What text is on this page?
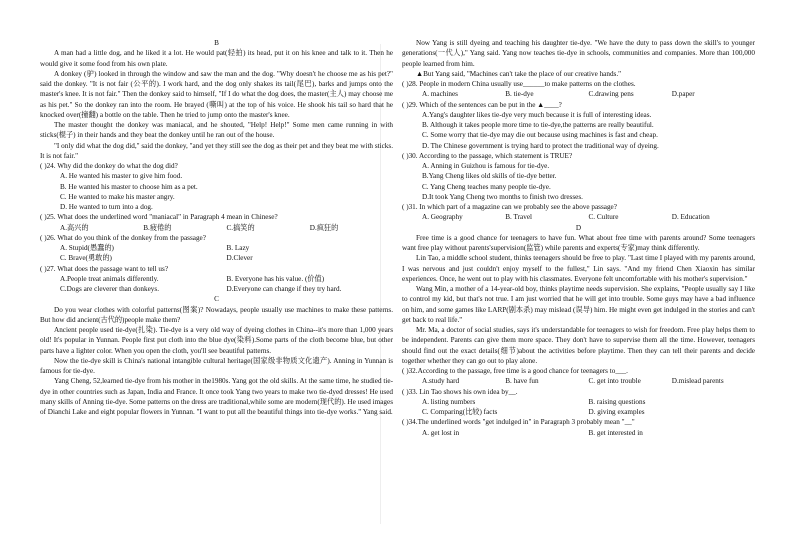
B

A man had a little dog, and he liked it a lot. He would pat(轻拍) its head, put it on his knee and talk to it. Then he would give it some food from his own plate.

A donkey (驴) looked in through the window and saw the man and the dog. "Why doesn't he choose me as his pet?" said the donkey. "It is not fair (公平的). I work hard, and the dog only shakes its tail(尾巴), barks and jumps onto the master's knee. It is not fair." Then the donkey said to himself, "If I do what the dog does, the master(主人) may choose me as his pet." So the donkey ran into the room. He brayed (嘶叫) at the top of his voice. He shook his tail so hard that he knocked over(撞翻) a bottle on the table. Then he tried to jump onto the master's knee.

The master thought the donkey was maniacal, and he shouted, "Help! Help!" Some men came running in with sticks(棍子) in their hands and they beat the donkey until he ran out of the house.

"I only did what the dog did," said the donkey, "and yet they still see the dog as their pet and they beat me with sticks. It is not fair."

( )24. Why did the donkey do what the dog did?
A. He wanted his master to give him food.
B. He wanted his master to choose him as a pet.
C. He wanted to make his master angry.
D. He wanted to turn into a dog.
( )25. What does the underlined word "maniacal" in Paragraph 4 mean in Chinese?
A.高兴的	B.疲倦的	C.搞笑的	D.疯狂的
( )26. What do you think of the donkey from the passage?
A. Stupid(愚蠢的)	B. Lazy
C. Brave(勇敢的)	D.Clever
( )27. What does the passage want to tell us?
A.People treat animals differently.	B. Everyone has his value. (价值)
C.Dogs are cleverer than donkeys.	D.Everyone can change if they try hard.
C

Do you wear clothes with colorful patterns(图案)? Nowadays, people usually use machines to make these patterns. But how did ancient(古代的)people make them?

Ancient people used tie-dye(扎染). Tie-dye is a very old way of dyeing clothes in China--it's more than 1,000 years old! It's popular in Yunnan. People first put cloth into the blue dye(染料).Some parts of the cloth become blue, but other parts have a lighter color. When you open the cloth, you'll see beautiful patterns.

Now the tie-dye skill is China's national intangible cultural heritage(国家级非物质文化遗产). Anning in Yunnan is famous for tie-dye.

Yang Cheng, 52,learned tie-dye from his mother in the1980s. Yang got the old skills. At the same time, he studied tie-dye in other countries such as Japan, India and France. It once took Yang two years to make two tie-dyed dresses! He used many skills of Anning tie-dye. Some patterns on the dress are traditional,while some are modern(现代的). He used images of Dianchi Lake and eight popular flowers in Yunnan. "I want to put all the beautiful things into tie-dye works." Yang said.

Now Yang is still dyeing and teaching his daughter tie-dye. "We have the duty to pass down the skill's to younger generations(一代人)," Yang said. Yang now teaches tie-dye in schools, communities and companies. More than 100,000 people learned from him.

▲But Yang said, "Machines can't take the place of our creative hands."

( )28. People in modern China usually use______to make patterns on the clothes.
A. machines	B. tie-dye	C.drawing pens	D.paper
( )29. Which of the sentences can be put in the ▲____?
A.Yang's daughter likes tie-dye very much because it is full of interesting ideas.
B. Although it takes people more time to tie-dye,the patterns are really beautiful.
C. Some worry that tie-dye may die out because using machines is fast and cheap.
D. The Chinese government is trying hard to protect the traditional way of dyeing.
( )30. According to the passage, which statement is TRUE?
A. Anning in Guizhou is famous for tie-dye.
B.Yang Cheng likes old skills of tie-dye better.
C. Yang Cheng teaches many people tie-dye.
D.It took Yang Cheng two months to finish two dresses.
( )31. In which part of a magazine can we probably see the above passage?
A. Geography	B. Travel	C. Culture	D. Education
D

Free time is a good chance for teenagers to have fun. What about free time with parents around? Some teenagers want free play without parents'supervision(监管) while parents and experts(专家)may think differently.

Lin Tao, a middle school student, thinks teenagers should be free to play. "Last time I played with my parents around, I was nervous and just couldn't enjoy myself to the fullest," Lin says. "And my friend Chen Xiaoxin has similar experiences. Once, he went out to play with his classmates. Everyone felt uncomfortable with his mother's supervision."

Wang Min, a mother of a 14-year-old boy, thinks playtime needs supervision. She explains, "People usually say I like to control my kid, but that's not true. I am just worried that he will get into trouble. Some guys may have a bad influence on him, and some games like LARP(剧本杀) may mislead (误导) him. He might even get indulged in the stories and can't get back to real life."

Mr. Ma, a doctor of social studies, says it's understandable for teenagers to wish for freedom. Free play helps them to be independent. Parents can give them more space. They don't have to supervise them all the time. However, teenagers should find out the exact details(细节)about the activities before playtime. Then they can tell their parents and decide together whether they can go out to play alone.

( )32.According to the passage, free time is a good chance for teenagers to___.
A.study hard	B. have fun	C. get into trouble	D.mislead parents
( )33. Lin Tao shows his own idea by__.
A. listing numbers	B. raising questions
C. Comparing(比较) facts	D. giving examples
( )34.The underlined words "get indulged in" in Paragraph 3 probably mean "__"
A. get lost in	B. get interested in
